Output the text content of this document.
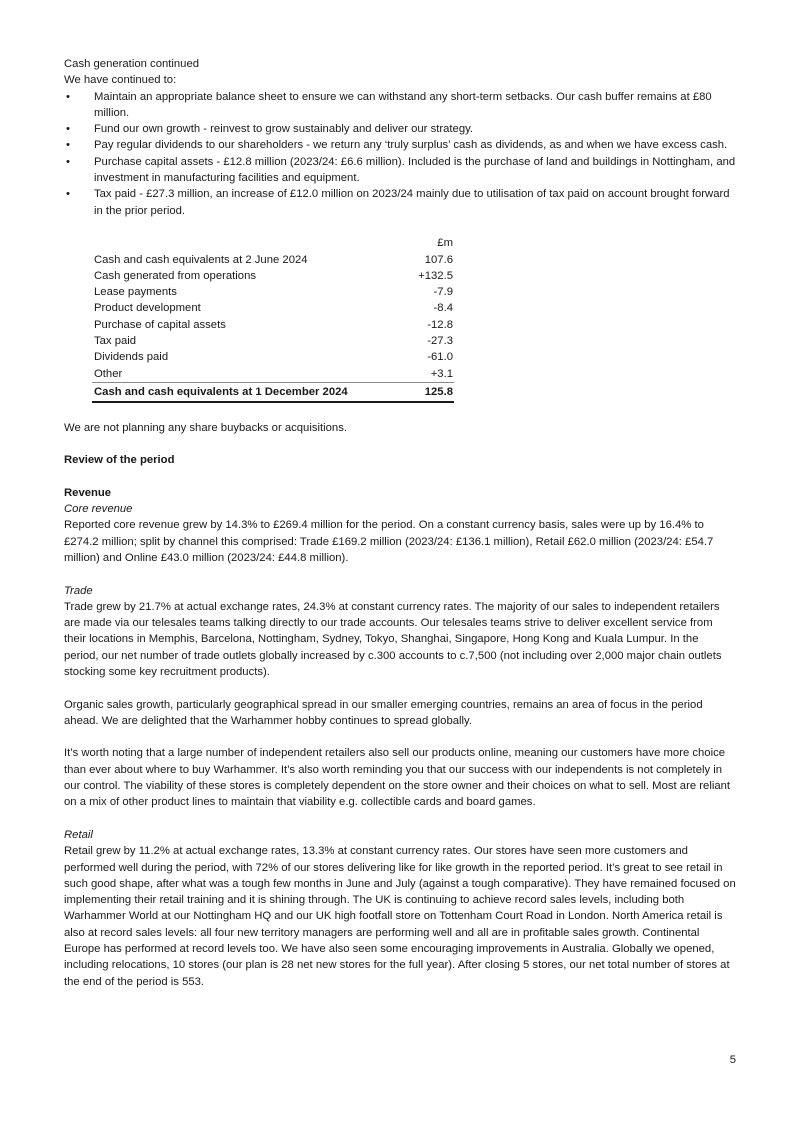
Cash generation continued
We have continued to:
• Maintain an appropriate balance sheet to ensure we can withstand any short-term setbacks. Our cash buffer remains at £80 million.
• Fund our own growth - reinvest to grow sustainably and deliver our strategy.
• Pay regular dividends to our shareholders - we return any ‘truly surplus’ cash as dividends, as and when we have excess cash.
• Purchase capital assets - £12.8 million (2023/24: £6.6 million). Included is the purchase of land and buildings in Nottingham, and investment in manufacturing facilities and equipment.
• Tax paid - £27.3 million, an increase of £12.0 million on 2023/24 mainly due to utilisation of tax paid on account brought forward in the prior period.
	£m
Cash and cash equivalents at 2 June 2024	107.6
Cash generated from operations	+132.5
Lease payments	-7.9
Product development	-8.4
Purchase of capital assets	-12.8
Tax paid	-27.3
Dividends paid	-61.0
Other	+3.1
Cash and cash equivalents at 1 December 2024	125.8

We are not planning any share buybacks or acquisitions.

Review of the period

Revenue
Core revenue

Reported core revenue grew by 14.3% to £269.4 million for the period. On a constant currency basis, sales were up by 16.4% to £274.2 million; split by channel this comprised: Trade £169.2 million (2023/24: £136.1 million), Retail £62.0 million (2023/24: £54.7 million) and Online £43.0 million (2023/24: £44.8 million).

Trade

Trade grew by 21.7% at actual exchange rates, 24.3% at constant currency rates. The majority of our sales to independent retailers are made via our telesales teams talking directly to our trade accounts. Our telesales teams strive to deliver excellent service from their locations in Memphis, Barcelona, Nottingham, Sydney, Tokyo, Shanghai, Singapore, Hong Kong and Kuala Lumpur. In the period, our net number of trade outlets globally increased by c.300 accounts to c.7,500 (not including over 2,000 major chain outlets stocking some key recruitment products).

Organic sales growth, particularly geographical spread in our smaller emerging countries, remains an area of focus in the period ahead. We are delighted that the Warhammer hobby continues to spread globally.

It’s worth noting that a large number of independent retailers also sell our products online, meaning our customers have more choice than ever about where to buy Warhammer. It’s also worth reminding you that our success with our independents is not completely in our control. The viability of these stores is completely dependent on the store owner and their choices on what to sell. Most are reliant on a mix of other product lines to maintain that viability e.g. collectible cards and board games.

Retail

Retail grew by 11.2% at actual exchange rates, 13.3% at constant currency rates. Our stores have seen more customers and performed well during the period, with 72% of our stores delivering like for like growth in the reported period. It’s great to see retail in such good shape, after what was a tough few months in June and July (against a tough comparative). They have remained focused on implementing their retail training and it is shining through. The UK is continuing to achieve record sales levels, including both Warhammer World at our Nottingham HQ and our UK high footfall store on Tottenham Court Road in London. North America retail is also at record sales levels: all four new territory managers are performing well and all are in profitable sales growth. Continental Europe has performed at record levels too. We have also seen some encouraging improvements in Australia. Globally we opened, including relocations, 10 stores (our plan is 28 net new stores for the full year). After closing 5 stores, our net total number of stores at the end of the period is 553.

5
